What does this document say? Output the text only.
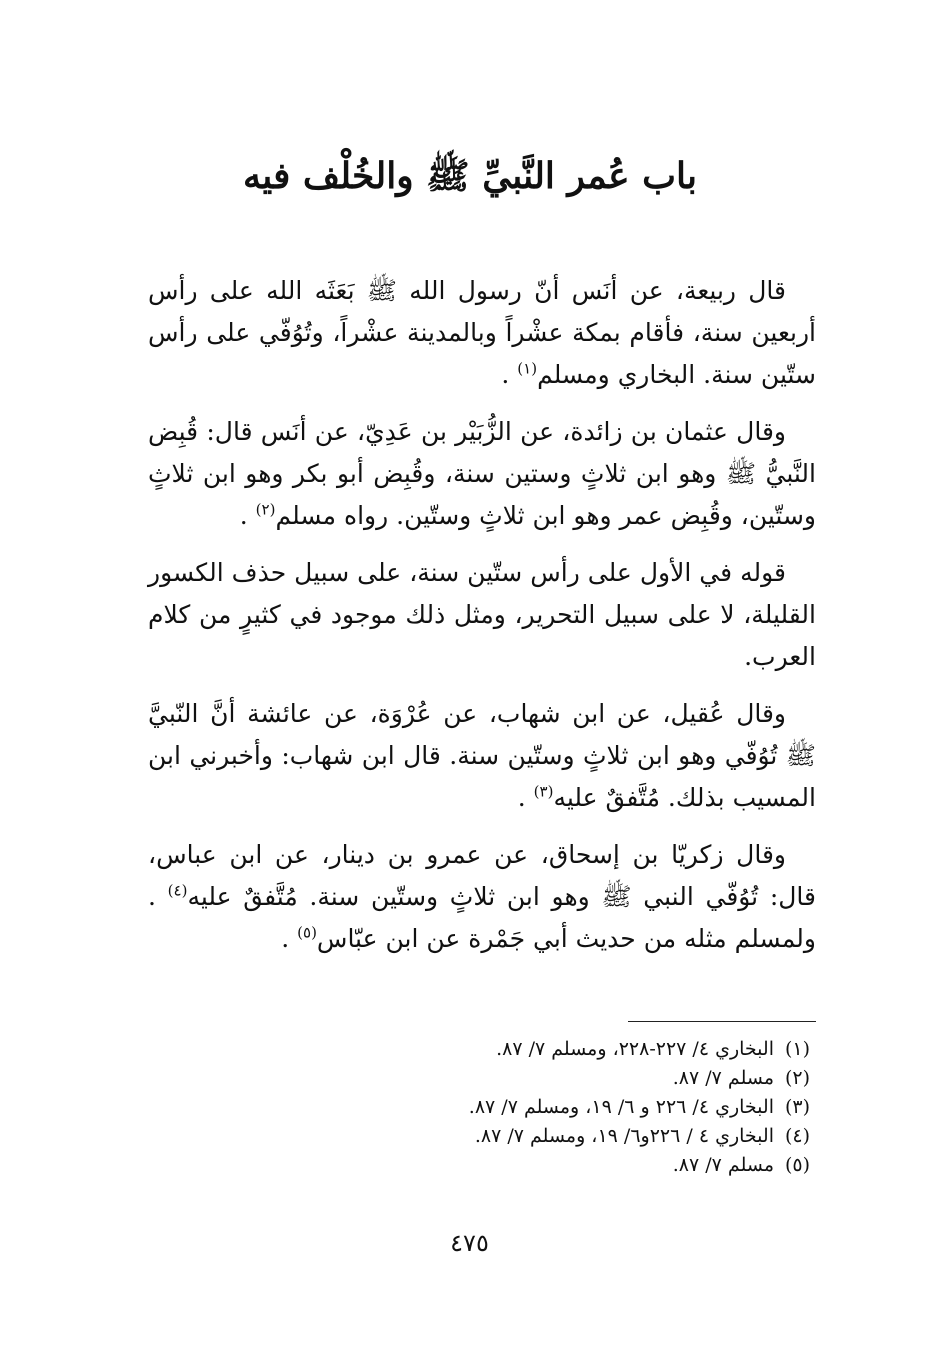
باب عُمر النَّبيِّ ﷺ والخُلْف فيه

قال ربيعة، عن أنَس أنّ رسول الله ﷺ بَعَثَه الله على رأس أربعين سنة، فأقام بمكة عشْراً وبالمدينة عشْراً، وتُوُفّي على رأس ستّين سنة. البخاري ومسلم$^{(١)}$ .

وقال عثمان بن زائدة، عن الزُّبَيْر بن عَدِيّ، عن أنَس قال: قُبِض النَّبيُّ ﷺ وهو ابن ثلاثٍ وستين سنة، وقُبِض أبو بكر وهو ابن ثلاثٍ وستّين، وقُبِض عمر وهو ابن ثلاثٍ وستّين. رواه مسلم$^{(٢)}$ .

قوله في الأول على رأس ستّين سنة، على سبيل حذف الكسور القليلة، لا على سبيل التحرير، ومثل ذلك موجود في كثيرٍ من كلام العرب.

وقال عُقيل، عن ابن شهاب، عن عُرْوَة، عن عائشة أنَّ النّبيَّ ﷺ تُوُفّي وهو ابن ثلاثٍ وستّين سنة. قال ابن شهاب: وأخبرني ابن المسيب بذلك. مُتَّفقٌ عليه$^{(٣)}$ .

وقال زكريّا بن إسحاق، عن عمرو بن دينار، عن ابن عباس، قال: تُوُفّي النبي ﷺ وهو ابن ثلاثٍ وستّين سنة. مُتَّفقٌ عليه$^{(٤)}$ . ولمسلم مثله من حديث أبي جَمْرة عن ابن عبّاس$^{(٥)}$ .

(١)البخاري ٤/ ٢٢٧-٢٢٨، ومسلم ٧/ ٨٧.
(٢)مسلم ٧/ ٨٧.
(٣)البخاري ٤/ ٢٢٦ و ٦/ ١٩، ومسلم ٧/ ٨٧.
(٤)البخاري ٤ / ٢٢٦و٦/ ١٩، ومسلم ٧/ ٨٧.
(٥)مسلم ٧/ ٨٧.
٤٧٥
